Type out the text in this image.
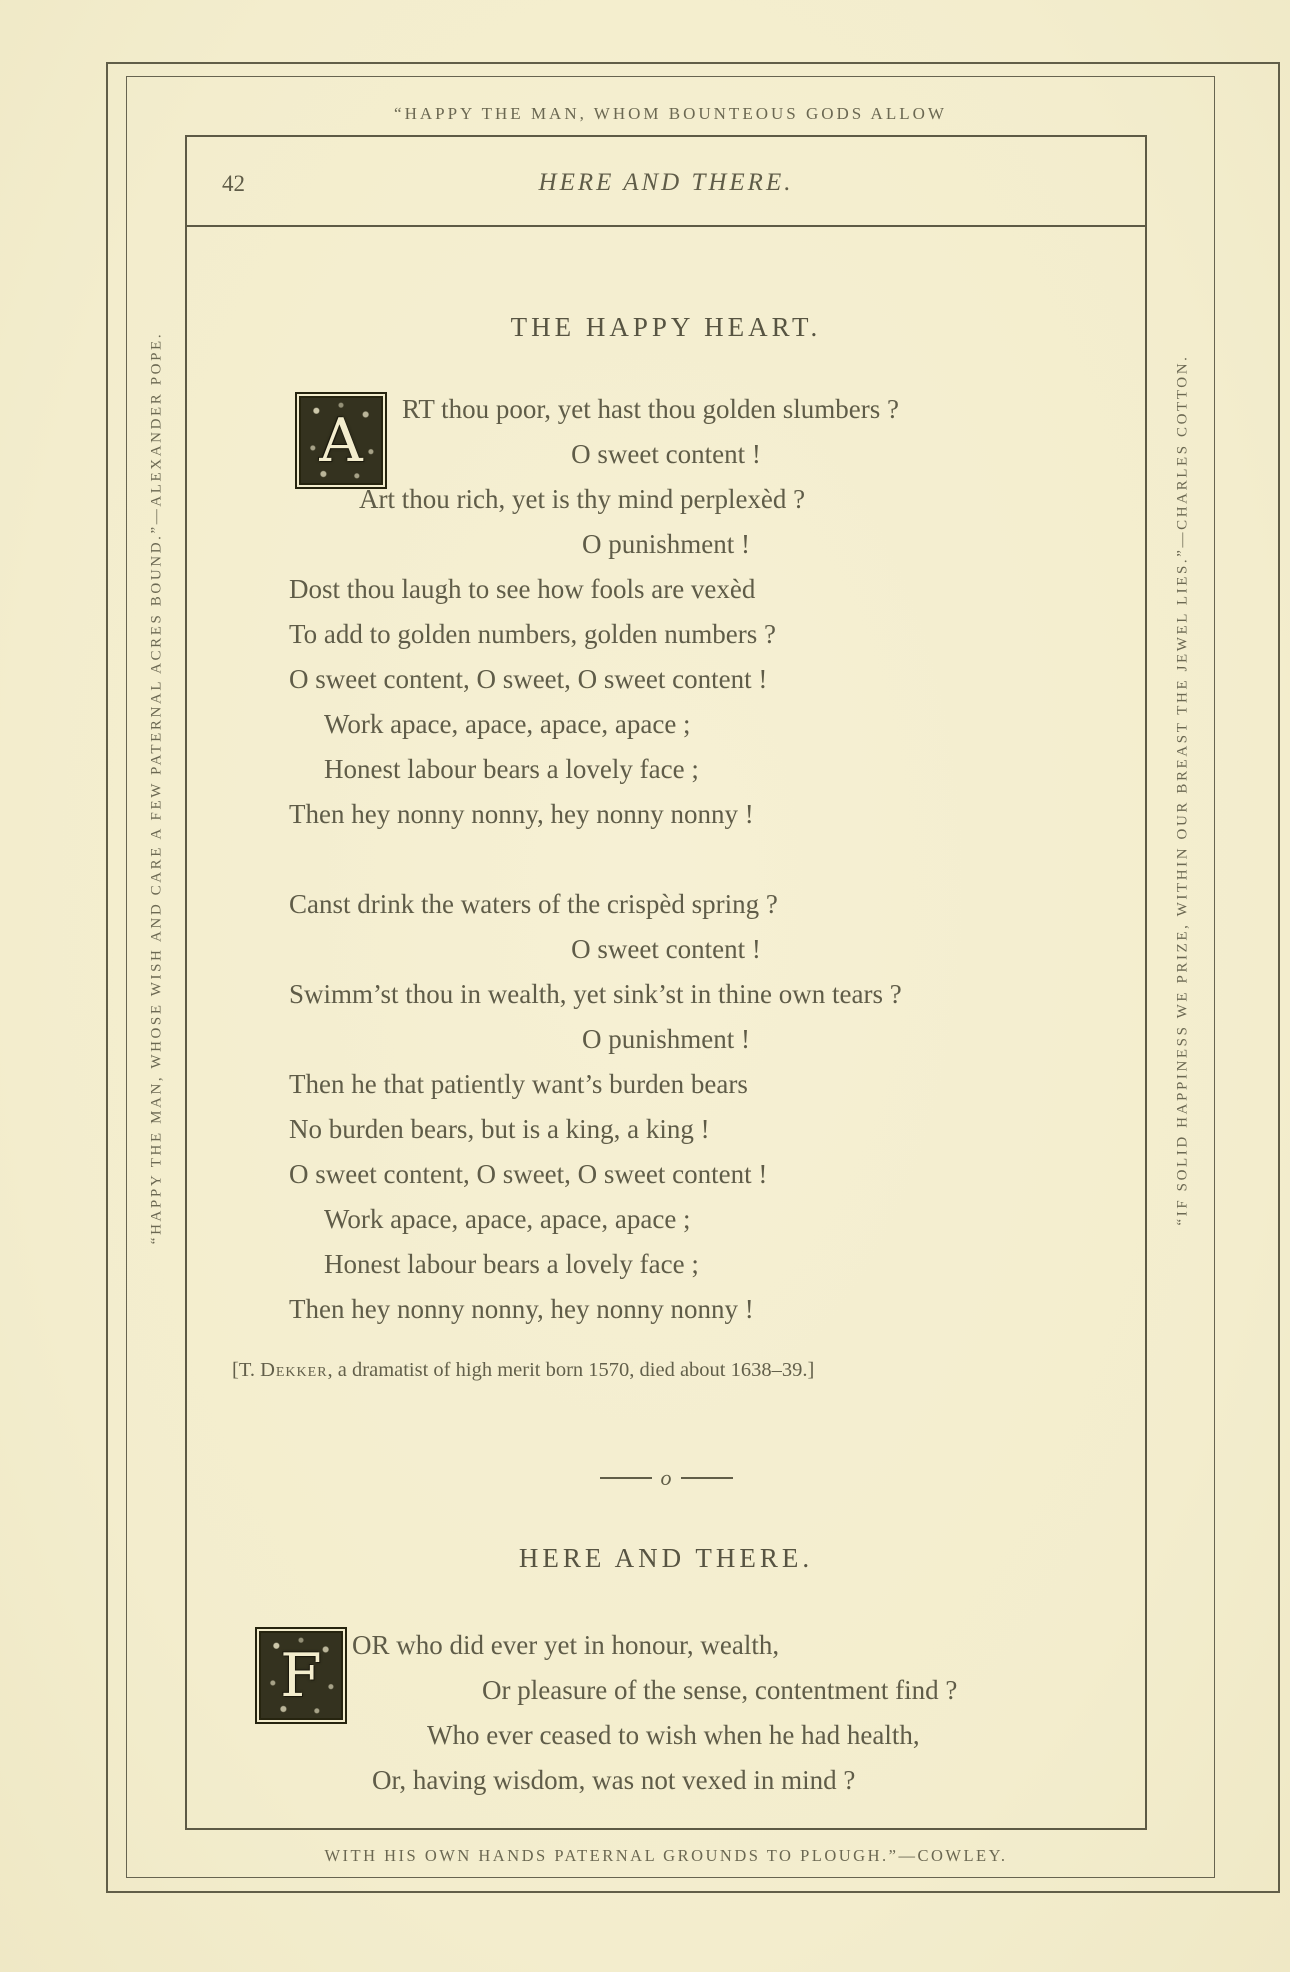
“HAPPY THE MAN, WHOM BOUNTEOUS GODS ALLOW
“HAPPY THE MAN, WHOSE WISH AND CARE A FEW PATERNAL ACRES BOUND.”—ALEXANDER POPE.	“IF SOLID HAPPINESS WE PRIZE, WITHIN OUR BREAST THE JEWEL LIES.”—CHARLES COTTON.
42	HERE AND THERE.
THE HAPPY HEART.
A RT thou poor, yet hast thou golden slumbers ?
O sweet content !
Art thou rich, yet is thy mind perplexèd ?
O punishment !
Dost thou laugh to see how fools are vexèd
To add to golden numbers, golden numbers ?
O sweet content, O sweet, O sweet content !
Work apace, apace, apace, apace ;
Honest labour bears a lovely face ;
Then hey nonny nonny, hey nonny nonny !
Canst drink the waters of the crispèd spring ?
O sweet content !
Swimm’st thou in wealth, yet sink’st in thine own tears ?
O punishment !
Then he that patiently want’s burden bears
No burden bears, but is a king, a king !
O sweet content, O sweet, O sweet content !
Work apace, apace, apace, apace ;
Honest labour bears a lovely face ;
Then hey nonny nonny, hey nonny nonny !
[T. Dekker, a dramatist of high merit born 1570, died about 1638–39.]
o
HERE AND THERE.
F OR who did ever yet in honour, wealth,
Or pleasure of the sense, contentment find ?
Who ever ceased to wish when he had health,
Or, having wisdom, was not vexed in mind ?
WITH HIS OWN HANDS PATERNAL GROUNDS TO PLOUGH.”—COWLEY.
